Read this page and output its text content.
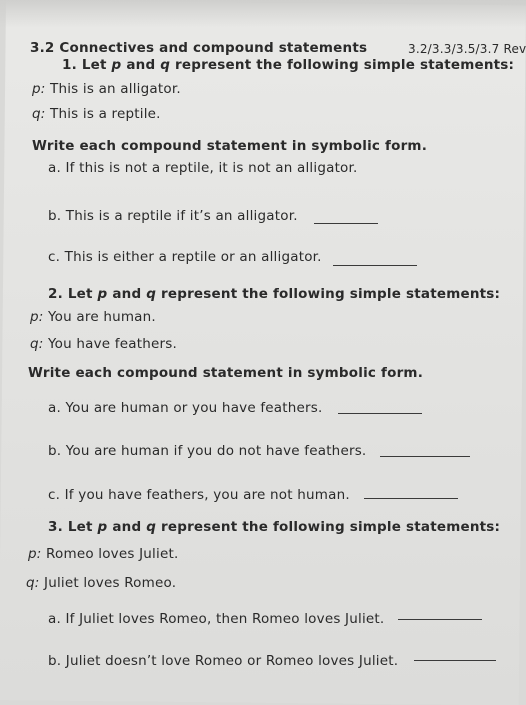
3.2/3.3/3.5/3.7 Rev
3.2 Connectives and compound statements
1. Let p and q represent the following simple statements:
p: This is an alligator.
q: This is a reptile.
Write each compound statement in symbolic form.
a. If this is not a reptile, it is not an alligator.
b. This is a reptile if it’s an alligator.
c. This is either a reptile or an alligator.
2. Let p and q represent the following simple statements:
p: You are human.
q: You have feathers.
Write each compound statement in symbolic form.
a. You are human or you have feathers.
b. You are human if you do not have feathers.
c. If you have feathers, you are not human.
3. Let p and q represent the following simple statements:
p: Romeo loves Juliet.
q: Juliet loves Romeo.
a. If Juliet loves Romeo, then Romeo loves Juliet.
b. Juliet doesn’t love Romeo or Romeo loves Juliet.
